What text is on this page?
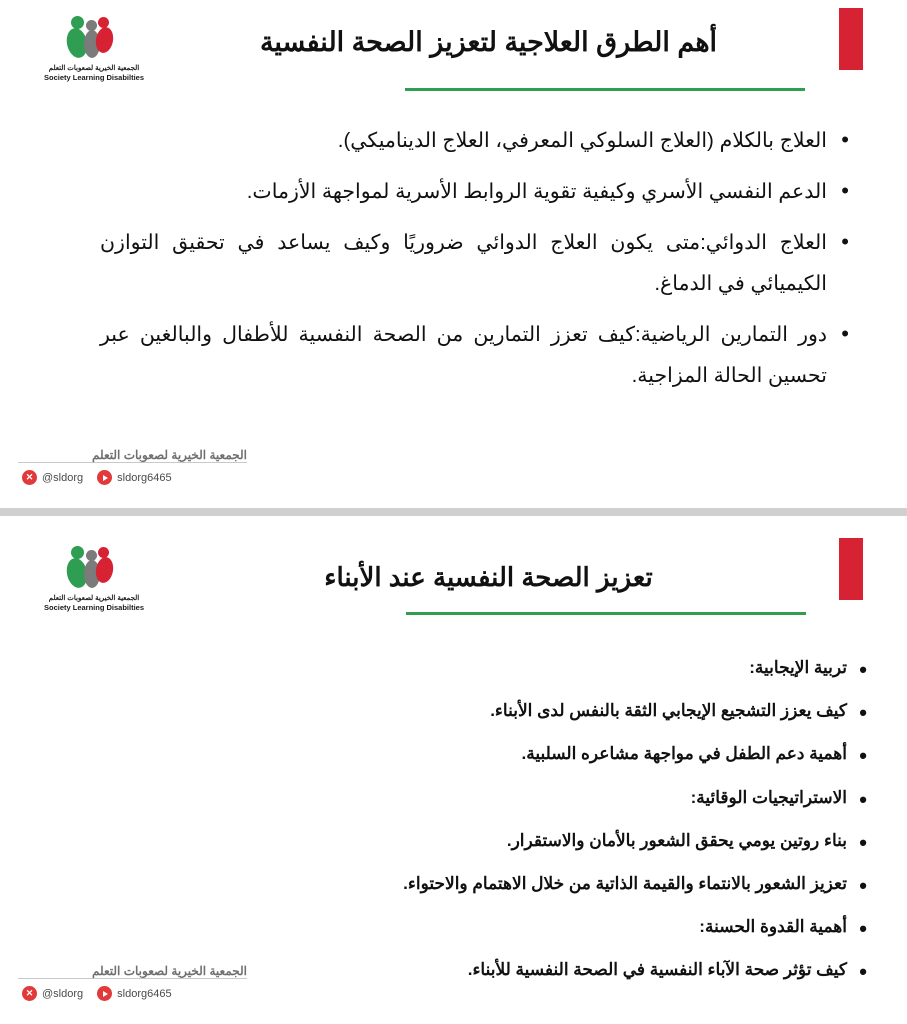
الجمعية الخيرية لصعوبات التعلم
Society Learning Disabilties
أهم الطرق العلاجية لتعزيز الصحة النفسية
• العلاج بالكلام (العلاج السلوكي المعرفي، العلاج الديناميكي).
• الدعم النفسي الأسري وكيفية تقوية الروابط الأسرية لمواجهة الأزمات.
• العلاج الدوائي:متى يكون العلاج الدوائي ضروريًا وكيف يساعد في تحقيق التوازن الكيميائي في الدماغ.
• دور التمارين الرياضية:كيف تعزز التمارين من الصحة النفسية للأطفال والبالغين عبر تحسين الحالة المزاجية.
الجمعية الخيرية لصعوبات التعلم
✕ @sldorg	sldorg6465
الجمعية الخيرية لصعوبات التعلم
Society Learning Disabilties
تعزيز الصحة النفسية عند الأبناء
• تربية الإيجابية:
• كيف يعزز التشجيع الإيجابي الثقة بالنفس لدى الأبناء.
• أهمية دعم الطفل في مواجهة مشاعره السلبية.
• الاستراتيجيات الوقائية:
• بناء روتين يومي يحقق الشعور بالأمان والاستقرار.
• تعزيز الشعور بالانتماء والقيمة الذاتية من خلال الاهتمام والاحتواء.
• أهمية القدوة الحسنة:
• كيف تؤثر صحة الآباء النفسية في الصحة النفسية للأبناء.
الجمعية الخيرية لصعوبات التعلم
✕ @sldorg	sldorg6465
